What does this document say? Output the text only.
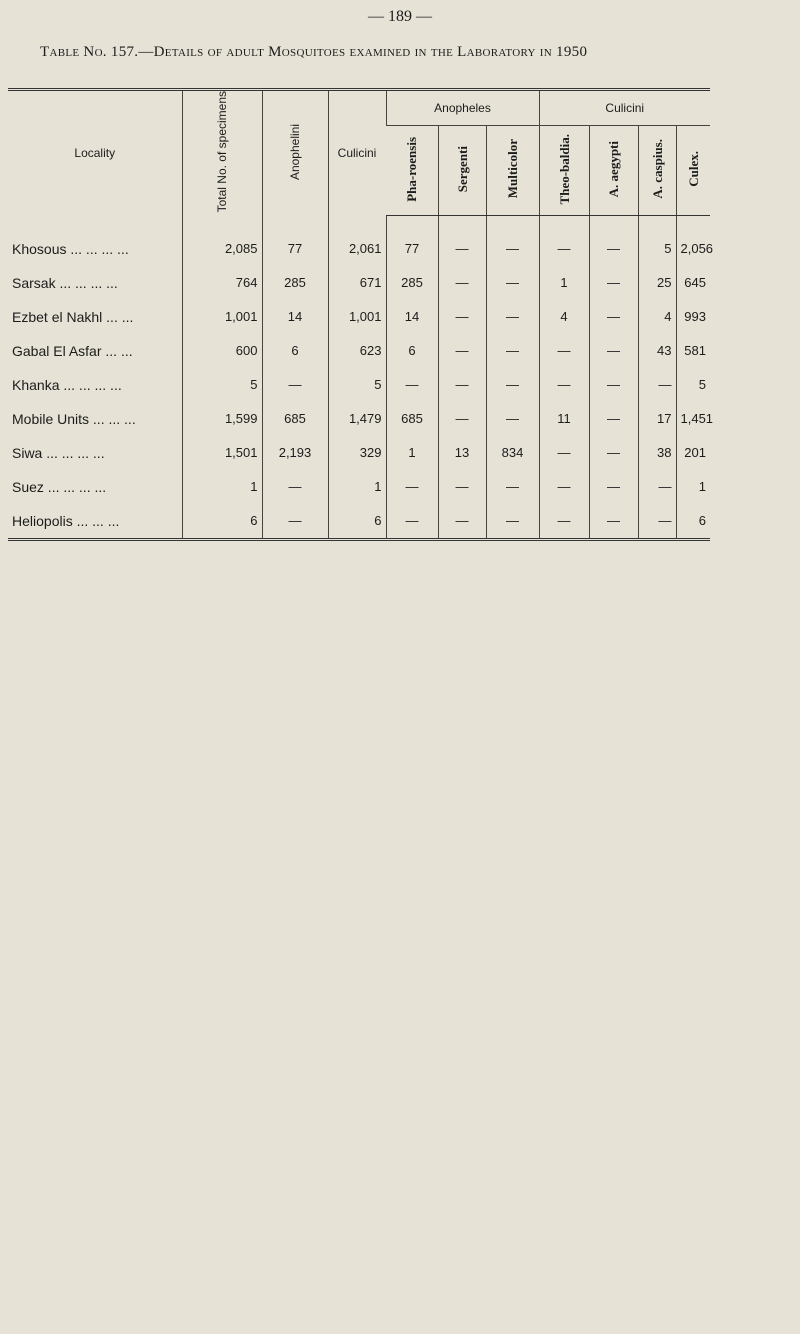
— 189 —
Table No. 157.—Details of adult Mosquitoes examined in the Laboratory in 1950

Locality	Total No. of specimens	Anophelini	Culicini	Anopheles			Culicini			
				Pha-roensis	Sergenti	Multicolor	Theo-baldia.	A. aegypti	A. caspius.	Culex.
Khosous ... ... ... ...	2,085	77	2,061	77	—	—	—	—	5	2,056
Sarsak ... ... ... ...	764	285	671	285	—	—	1	—	25	645
Ezbet el Nakhl ... ...	1,001	14	1,001	14	—	—	4	—	4	993
Gabal El Asfar ... ...	600	6	623	6	—	—	—	—	43	581
Khanka ... ... ... ...	5	—	5	—	—	—	—	—	—	5
Mobile Units ... ... ...	1,599	685	1,479	685	—	—	11	—	17	1,451
Siwa ... ... ... ...	1,501	2,193	329	1	13	834	—	—	38	201
Suez ... ... ... ...	1	—	1	—	—	—	—	—	—	1
Heliopolis ... ... ...	6	—	6	—	—	—	—	—	—	6
